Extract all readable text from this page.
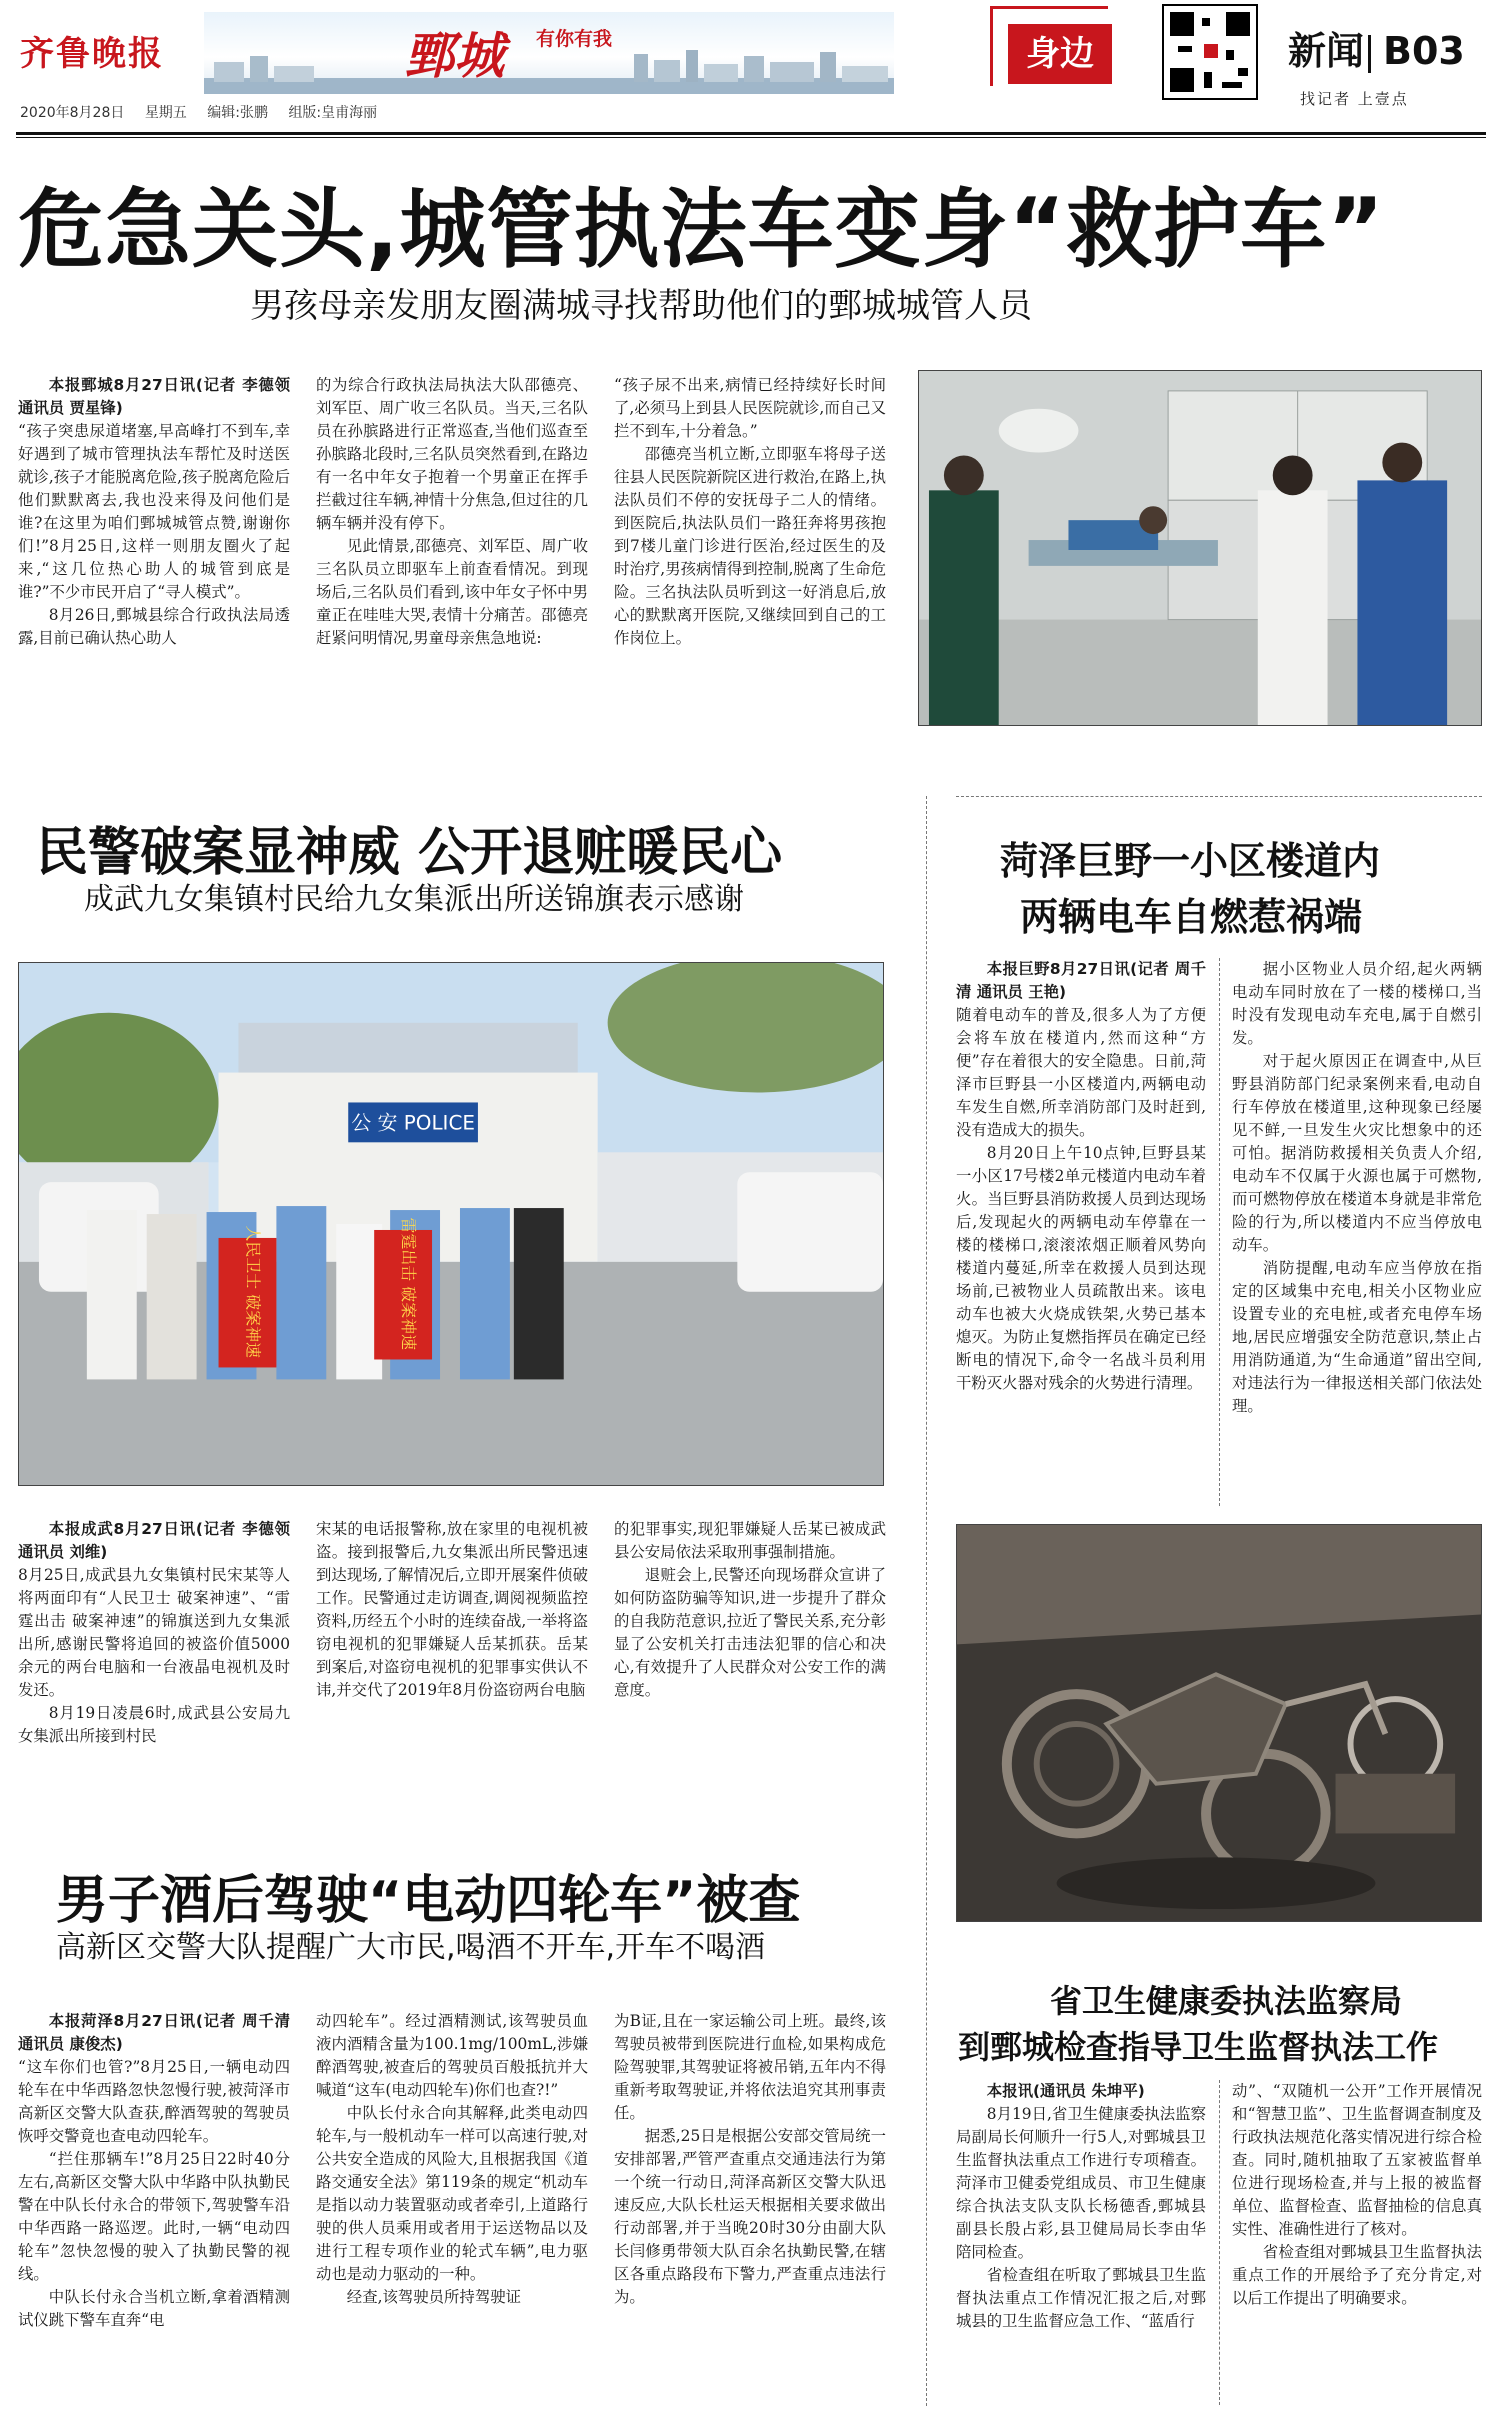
齐鲁晚报	鄄城 有你有我
2020年8月28日 星期五 编辑:张鹏 组版:皇甫海丽
身边	新闻 B03
找记者 上壹点
危急关头,城管执法车变身“救护车”
男孩母亲发朋友圈满城寻找帮助他们的鄄城城管人员

本报鄄城8月27日讯(记者 李德领 通讯员 贾星锋)

“孩子突患尿道堵塞,早高峰打不到车,幸好遇到了城市管理执法车帮忙及时送医就诊,孩子才能脱离危险,孩子脱离危险后他们默默离去,我也没来得及问他们是谁?在这里为咱们鄄城城管点赞,谢谢你们!”8月25日,这样一则朋友圈火了起来,“这几位热心助人的城管到底是谁?”不少市民开启了“寻人模式”。

8月26日,鄄城县综合行政执法局透露,目前已确认热心助人

的为综合行政执法局执法大队邵德亮、刘军臣、周广收三名队员。当天,三名队员在孙膑路进行正常巡查,当他们巡查至孙膑路北段时,三名队员突然看到,在路边有一名中年女子抱着一个男童正在挥手拦截过往车辆,神情十分焦急,但过往的几辆车辆并没有停下。

见此情景,邵德亮、刘军臣、周广收三名队员立即驱车上前查看情况。到现场后,三名队员们看到,该中年女子怀中男童正在哇哇大哭,表情十分痛苦。邵德亮赶紧问明情况,男童母亲焦急地说:

“孩子尿不出来,病情已经持续好长时间了,必须马上到县人民医院就诊,而自己又拦不到车,十分着急。”

邵德亮当机立断,立即驱车将母子送往县人民医院新院区进行救治,在路上,执法队员们不停的安抚母子二人的情绪。到医院后,执法队员们一路狂奔将男孩抱到7楼儿童门诊进行医治,经过医生的及时治疗,男孩病情得到控制,脱离了生命危险。三名执法队员听到这一好消息后,放心的默默离开医院,又继续回到自己的工作岗位上。

民警破案显神威 公开退赃暖民心
成武九女集镇村民给九女集派出所送锦旗表示感谢
公 安 POLICE
人民卫士 破案神速	雷霆出击 破案神速

本报成武8月27日讯(记者 李德领 通讯员 刘维)

8月25日,成武县九女集镇村民宋某等人将两面印有“人民卫士 破案神速”、“雷霆出击 破案神速”的锦旗送到九女集派出所,感谢民警将追回的被盗价值5000余元的两台电脑和一台液晶电视机及时发还。

8月19日凌晨6时,成武县公安局九女集派出所接到村民

宋某的电话报警称,放在家里的电视机被盗。接到报警后,九女集派出所民警迅速到达现场,了解情况后,立即开展案件侦破工作。民警通过走访调查,调阅视频监控资料,历经五个小时的连续奋战,一举将盗窃电视机的犯罪嫌疑人岳某抓获。岳某到案后,对盗窃电视机的犯罪事实供认不讳,并交代了2019年8月份盗窃两台电脑

的犯罪事实,现犯罪嫌疑人岳某已被成武县公安局依法采取刑事强制措施。

退赃会上,民警还向现场群众宣讲了如何防盗防骗等知识,进一步提升了群众的自我防范意识,拉近了警民关系,充分彰显了公安机关打击违法犯罪的信心和决心,有效提升了人民群众对公安工作的满意度。

菏泽巨野一小区楼道内
两辆电车自燃惹祸端

本报巨野8月27日讯(记者 周千清 通讯员 王艳)

随着电动车的普及,很多人为了方便会将车放在楼道内,然而这种“方便”存在着很大的安全隐患。日前,菏泽市巨野县一小区楼道内,两辆电动车发生自燃,所幸消防部门及时赶到,没有造成大的损失。

8月20日上午10点钟,巨野县某一小区17号楼2单元楼道内电动车着火。当巨野县消防救援人员到达现场后,发现起火的两辆电动车停靠在一楼的楼梯口,滚滚浓烟正顺着风势向楼道内蔓延,所幸在救援人员到达现场前,已被物业人员疏散出来。该电动车也被大火烧成铁架,火势已基本熄灭。为防止复燃指挥员在确定已经断电的情况下,命令一名战斗员利用干粉灭火器对残余的火势进行清理。

据小区物业人员介绍,起火两辆电动车同时放在了一楼的楼梯口,当时没有发现电动车充电,属于自燃引发。

对于起火原因正在调查中,从巨野县消防部门纪录案例来看,电动自行车停放在楼道里,这种现象已经屡见不鲜,一旦发生火灾比想象中的还可怕。据消防救援相关负责人介绍,电动车不仅属于火源也属于可燃物,而可燃物停放在楼道本身就是非常危险的行为,所以楼道内不应当停放电动车。

消防提醒,电动车应当停放在指定的区域集中充电,相关小区物业应设置专业的充电桩,或者充电停车场地,居民应增强安全防范意识,禁止占用消防通道,为“生命通道”留出空间,对违法行为一律报送相关部门依法处理。

男子酒后驾驶“电动四轮车”被查
高新区交警大队提醒广大市民,喝酒不开车,开车不喝酒

本报菏泽8月27日讯(记者 周千清 通讯员 康俊杰)

“这车你们也管?”8月25日,一辆电动四轮车在中华西路忽快忽慢行驶,被菏泽市高新区交警大队查获,醉酒驾驶的驾驶员恢呼交警竟也查电动四轮车。

“拦住那辆车!”8月25日22时40分左右,高新区交警大队中华路中队执勤民警在中队长付永合的带领下,驾驶警车沿中华西路一路巡逻。此时,一辆“电动四轮车”忽快忽慢的驶入了执勤民警的视线。

中队长付永合当机立断,拿着酒精测试仪跳下警车直奔“电

动四轮车”。经过酒精测试,该驾驶员血液内酒精含量为100.1mg/100mL,涉嫌醉酒驾驶,被查后的驾驶员百般抵抗并大喊道“这车(电动四轮车)你们也查?!”

中队长付永合向其解释,此类电动四轮车,与一般机动车一样可以高速行驶,对公共安全造成的风险大,且根据我国《道路交通安全法》第119条的规定“机动车是指以动力装置驱动或者牵引,上道路行驶的供人员乘用或者用于运送物品以及进行工程专项作业的轮式车辆”,电力驱动也是动力驱动的一种。

经查,该驾驶员所持驾驶证

为B证,且在一家运输公司上班。最终,该驾驶员被带到医院进行血检,如果构成危险驾驶罪,其驾驶证将被吊销,五年内不得重新考取驾驶证,并将依法追究其刑事责任。

据悉,25日是根据公安部交管局统一安排部署,严管严查重点交通违法行为第一个统一行动日,菏泽高新区交警大队迅速反应,大队长杜运天根据相关要求做出行动部署,并于当晚20时30分由副大队长闫修勇带领大队百余名执勤民警,在辖区各重点路段布下警力,严查重点违法行为。

省卫生健康委执法监察局
到鄄城检查指导卫生监督执法工作

本报讯(通讯员 朱坤平)

8月19日,省卫生健康委执法监察局副局长何顺升一行5人,对鄄城县卫生监督执法重点工作进行专项稽查。菏泽市卫健委党组成员、市卫生健康综合执法支队支队长杨德香,鄄城县副县长殷占彩,县卫健局局长李由华陪同检查。

省检查组在听取了鄄城县卫生监督执法重点工作情况汇报之后,对鄄城县的卫生监督应急工作、“蓝盾行

动”、“双随机一公开”工作开展情况和“智慧卫监”、卫生监督调查制度及行政执法规范化落实情况进行综合检查。同时,随机抽取了五家被监督单位进行现场检查,并与上报的被监督单位、监督检查、监督抽检的信息真实性、准确性进行了核对。

省检查组对鄄城县卫生监督执法重点工作的开展给予了充分肯定,对以后工作提出了明确要求。
